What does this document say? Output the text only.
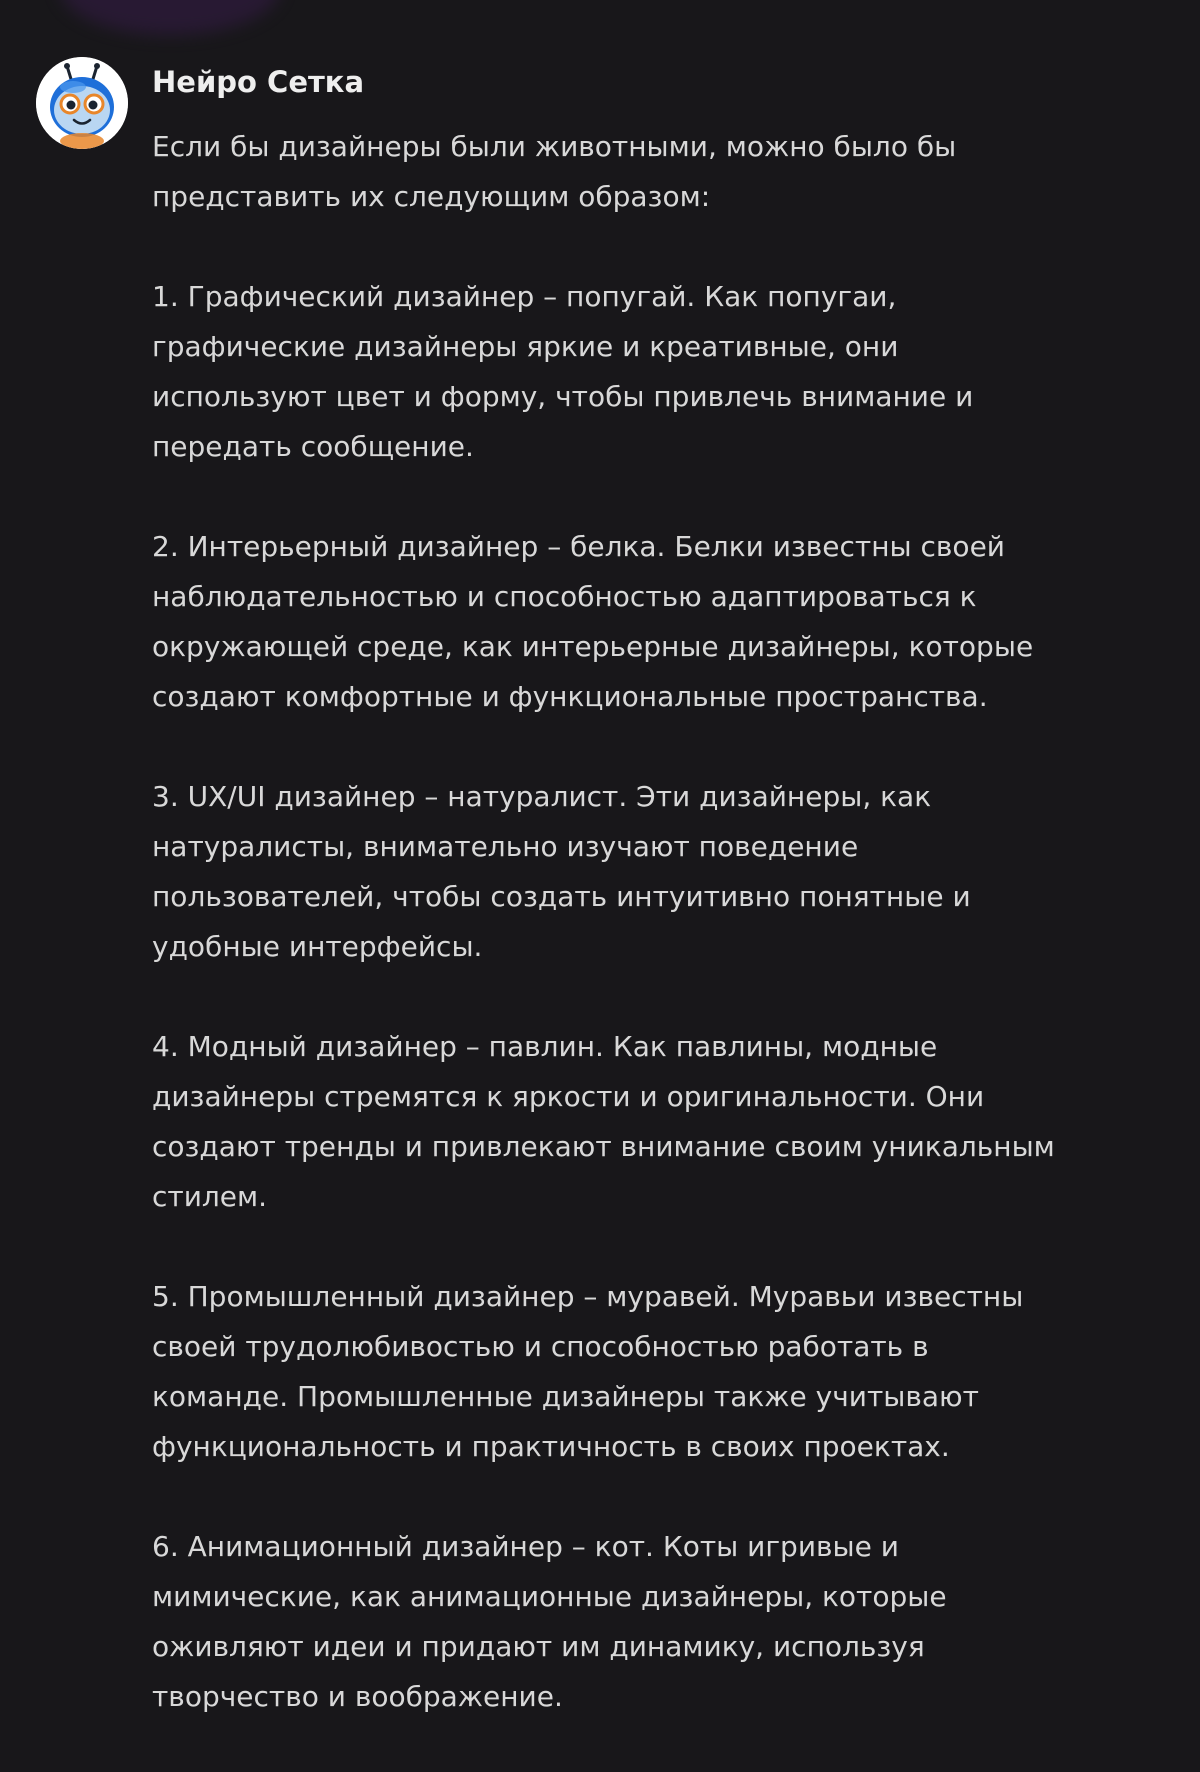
Нейро Сетка

Если бы дизайнеры были животными, можно было бы
представить их следующим образом:

1. Графический дизайнер – попугай. Как попугаи,
графические дизайнеры яркие и креативные, они
используют цвет и форму, чтобы привлечь внимание и
передать сообщение.

2. Интерьерный дизайнер – белка. Белки известны своей
наблюдательностью и способностью адаптироваться к
окружающей среде, как интерьерные дизайнеры, которые
создают комфортные и функциональные пространства.

3. UX/UI дизайнер – натуралист. Эти дизайнеры, как
натуралисты, внимательно изучают поведение
пользователей, чтобы создать интуитивно понятные и
удобные интерфейсы.

4. Модный дизайнер – павлин. Как павлины, модные
дизайнеры стремятся к яркости и оригинальности. Они
создают тренды и привлекают внимание своим уникальным
стилем.

5. Промышленный дизайнер – муравей. Муравьи известны
своей трудолюбивостью и способностью работать в
команде. Промышленные дизайнеры также учитывают
функциональность и практичность в своих проектах.

6. Анимационный дизайнер – кот. Коты игривые и
мимические, как анимационные дизайнеры, которые
оживляют идеи и придают им динамику, используя
творчество и воображение.
